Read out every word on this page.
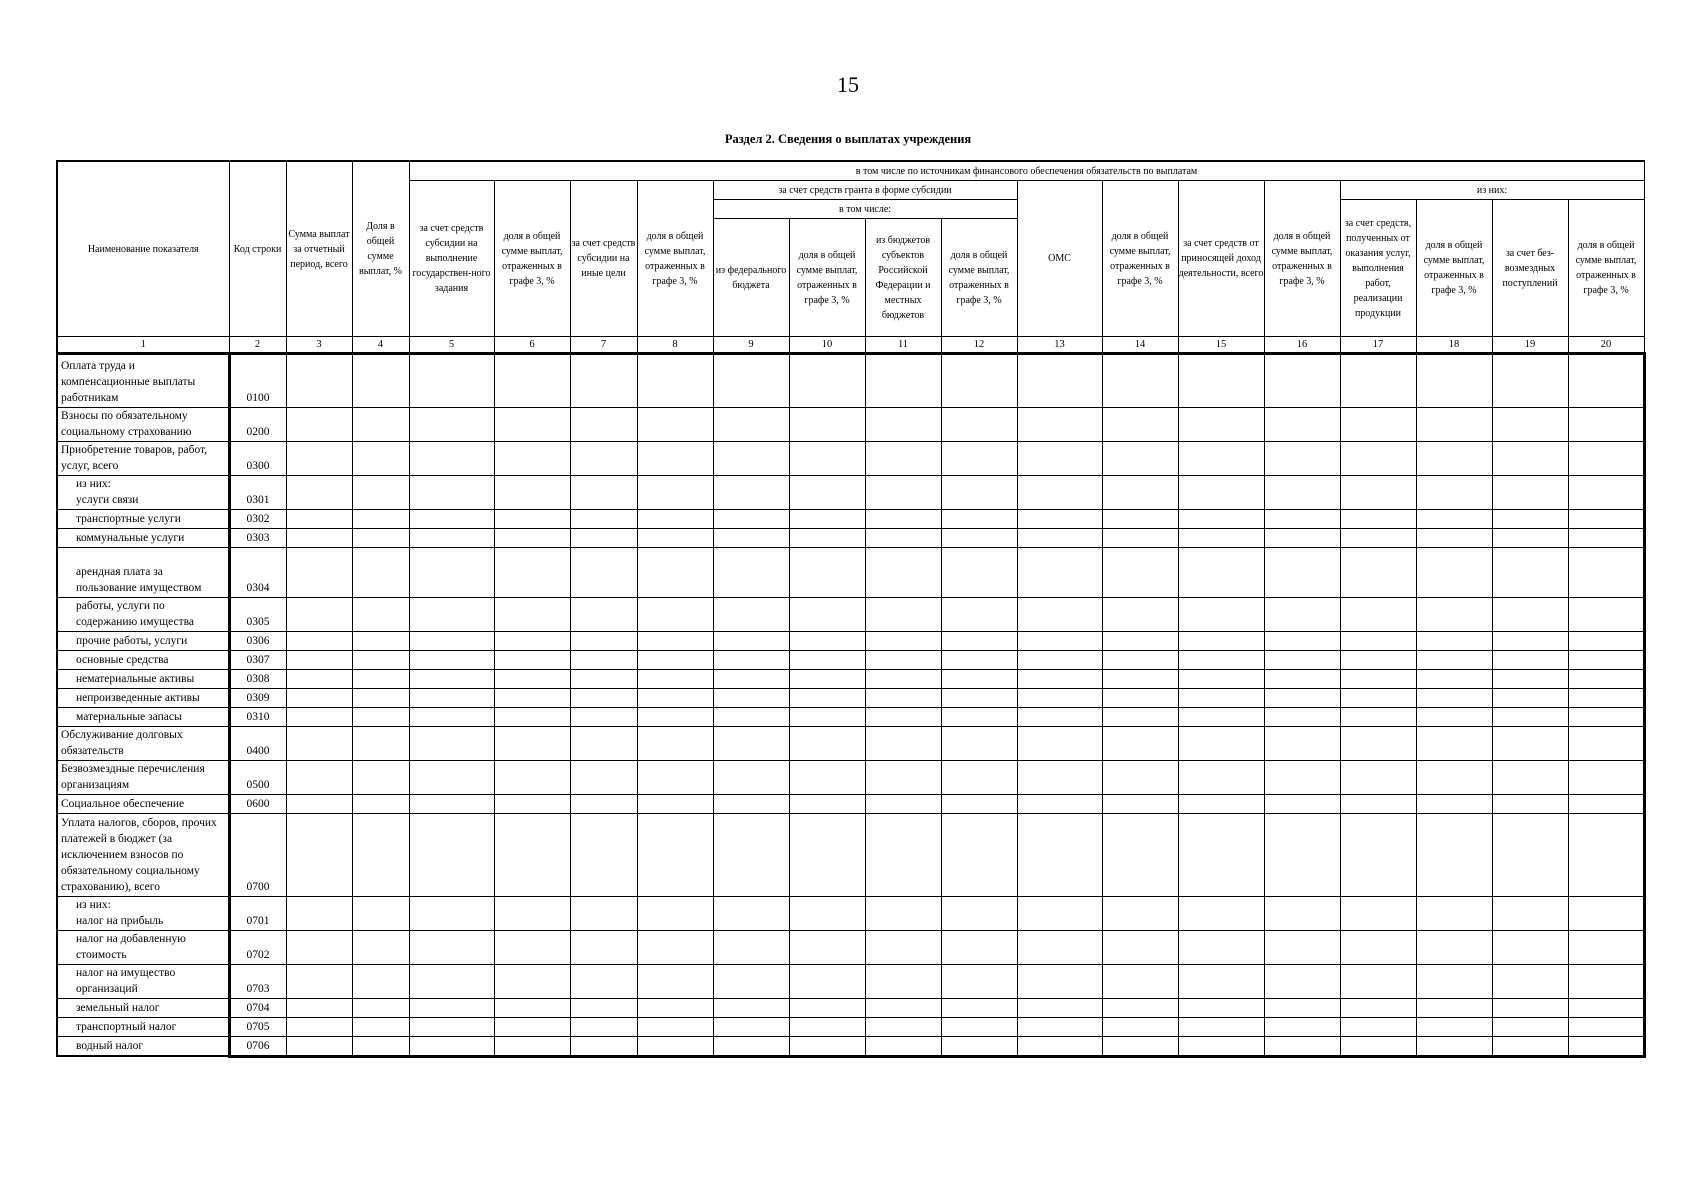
15
Раздел 2. Сведения о выплатах учреждения
Наименование показателя	Код строки	Сумма выплат за отчетный период, всего	Доля в общей сумме выплат, %	в том числе по источникам финансового обеспечения обязательств по выплатам															
				за счет средств субсидии на выполнение государствен-ного задания	доля в общей сумме выплат, отраженных в графе 3, %	за счет средств субсидии на иные цели	доля в общей сумме выплат, отраженных в графе 3, %	за счет средств гранта в форме субсидии				ОМС	доля в общей сумме выплат, отраженных в графе 3, %	за счет средств от приносящей доход деятельности, всего	доля в общей сумме выплат, отраженных в графе 3, %	из них:			
								в том числе:								за счет средств, полученных от оказания услуг, выполнения работ, реализации продукции	доля в общей сумме выплат, отраженных в графе 3, %	за счет без-возмездных поступлений	доля в общей сумме выплат, отраженных в графе 3, %
								из федерального бюджета	доля в общей сумме выплат, отраженных в графе 3, %	из бюджетов субъектов Российской Федерации и местных бюджетов	доля в общей сумме выплат, отраженных в графе 3, %								
1	2	3	4	5	6	7	8	9	10	11	12	13	14	15	16	17	18	19	20
Оплата труда и компенсационные выплаты работникам	0100																		
Взносы по обязательному социальному страхованию	0200																		
Приобретение товаров, работ, услуг, всего	0300																		
из них:
услуги связи	0301																		
транспортные услуги	0302																		
коммунальные услуги	0303																		
арендная плата за пользование имуществом	0304																		
работы, услуги по содержанию имущества	0305																		
прочие работы, услуги	0306																		
основные средства	0307																		
нематериальные активы	0308																		
непроизведенные активы	0309																		
материальные запасы	0310																		
Обслуживание долговых обязательств	0400																		
Безвозмездные перечисления организациям	0500																		
Социальное обеспечение	0600																		
Уплата налогов, сборов, прочих платежей в бюджет (за исключением взносов по обязательному социальному страхованию), всего	0700																		
из них:
налог на прибыль	0701																		
налог на добавленную стоимость	0702																		
налог на имущество организаций	0703																		
земельный налог	0704																		
транспортный налог	0705																		
водный налог	0706																		
